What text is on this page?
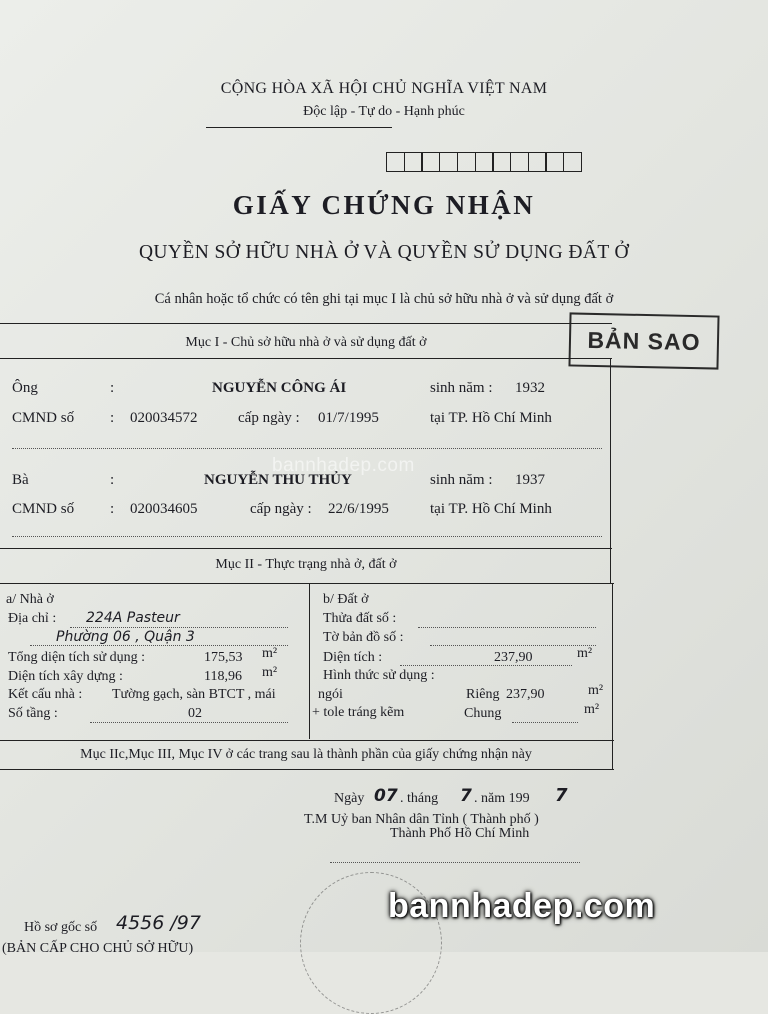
CỘNG HÒA XÃ HỘI CHỦ NGHĨA VIỆT NAM
Độc lập - Tự do - Hạnh phúc
GIẤY CHỨNG NHẬN
QUYỀN SỞ HỮU NHÀ Ở VÀ QUYỀN SỬ DỤNG ĐẤT Ở
Cá nhân hoặc tổ chức có tên ghi tại mục I là chủ sở hữu nhà ở và sử dụng đất ở
BẢN SAO
Mục I - Chủ sở hữu nhà ở và sử dụng đất ở
Ông	:	NGUYỄN CÔNG ÁI	sinh năm : 1932
CMND số : 020034572	cấp ngày : 01/7/1995	tại TP. Hồ Chí Minh
bannhadep.com
Bà	:	NGUYỄN THU THỦY	sinh năm : 1937
CMND số : 020034605	cấp ngày : 22/6/1995	tại TP. Hồ Chí Minh
Mục II - Thực trạng nhà ở, đất ở
a/ Nhà ở
Địa chỉ : 224A Pasteur
Phường 06 , Quận 3
Tổng diện tích sử dụng :	175,53 m²
Diện tích xây dựng :	118,96 m²
Kết cấu nhà : Tường gạch, sàn BTCT , mái
Số tầng :	02
b/ Đất ở
Thửa đất số :
Tờ bản đồ số :
Diện tích :	237,90	m²
Hình thức sử dụng :
ngói	Riêng 237,90	m²
+ tole tráng kẽm	Chung	m²
Mục IIc,Mục III, Mục IV ở các trang sau là thành phần của giấy chứng nhận này
Ngày 07 . tháng 7 . năm 199 7
T.M Uỷ ban Nhân dân Tỉnh ( Thành phố )
Thành Phố Hồ Chí Minh
Hồ sơ gốc số 4556 /97
(BẢN CẤP CHO CHỦ SỞ HỮU)
bannhadep.com
